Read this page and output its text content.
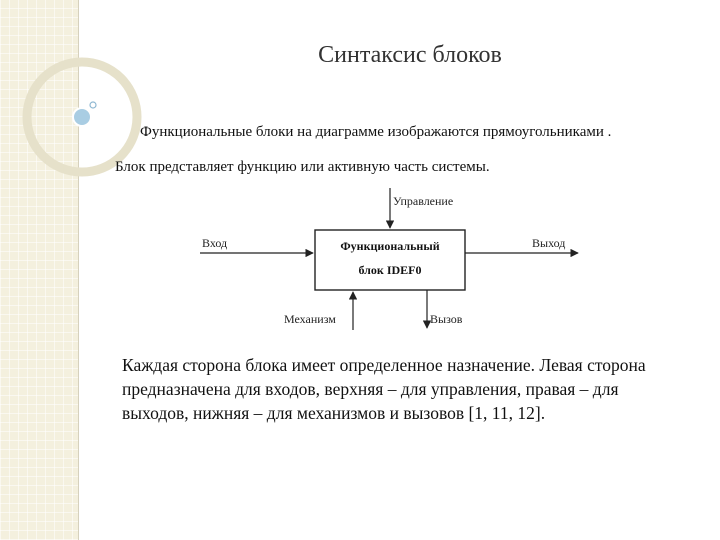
Синтаксис блоков
Функциональные блоки на диаграмме изображаются прямоугольниками .
Блок представляет функцию или активную часть системы.
Функциональный
блок IDEF0
Вход	Выход
Управление
Механизм	Вызов
Каждая сторона блока имеет определенное назначение. Левая сторона
предназначена для входов, верхняя – для управления, правая – для
выходов, нижняя – для механизмов и вызовов [1, 11, 12].
